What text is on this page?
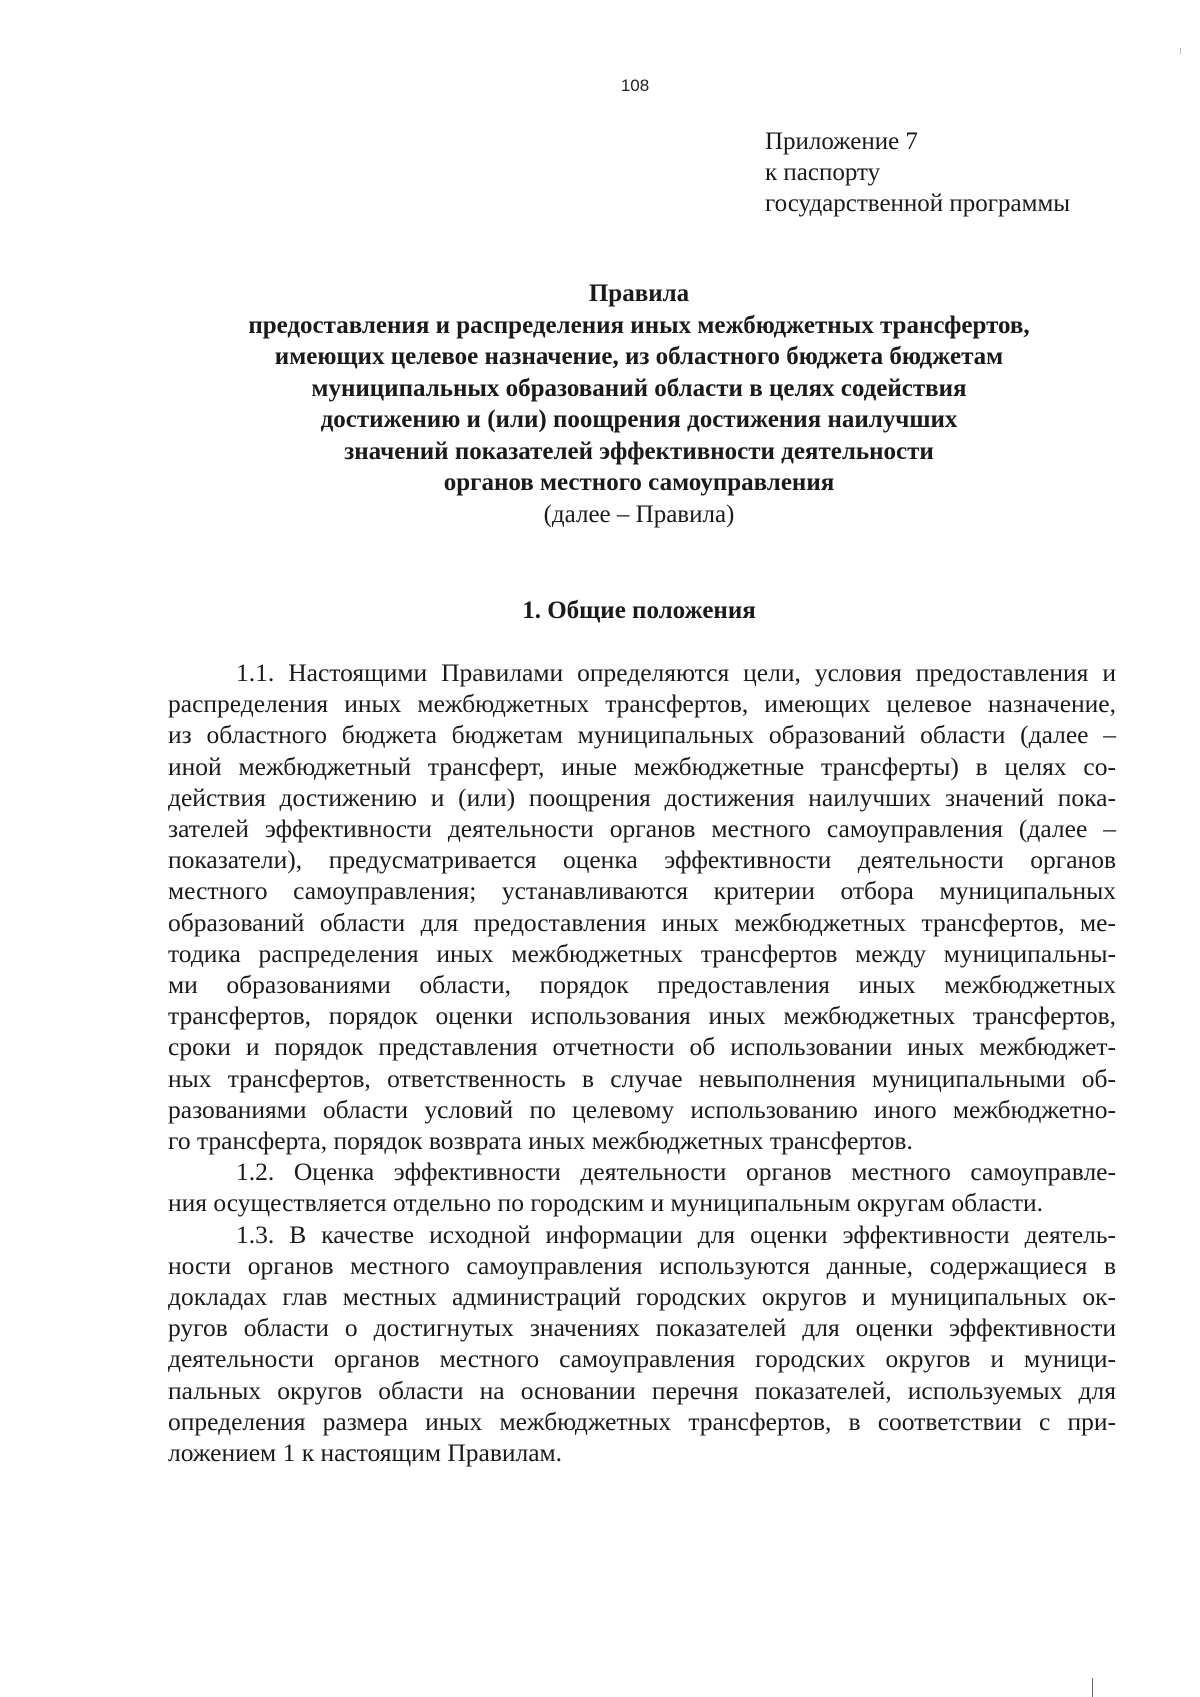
108
Приложение 7
к паспорту
государственной программы
Правила
предоставления и распределения иных межбюджетных трансфертов,
имеющих целевое назначение, из областного бюджета бюджетам
муниципальных образований области в целях содействия
достижению и (или) поощрения достижения наилучших
значений показателей эффективности деятельности
органов местного самоуправления
(далее – Правила)
1. Общие положения
1.1. Настоящими Правилами определяются цели, условия предоставления и
распределения иных межбюджетных трансфертов, имеющих целевое назначение,
из областного бюджета бюджетам муниципальных образований области (далее –
иной межбюджетный трансферт, иные межбюджетные трансферты) в целях со-
действия достижению и (или) поощрения достижения наилучших значений пока-
зателей эффективности деятельности органов местного самоуправления (далее –
показатели), предусматривается оценка эффективности деятельности органов
местного самоуправления; устанавливаются критерии отбора муниципальных
образований области для предоставления иных межбюджетных трансфертов, ме-
тодика распределения иных межбюджетных трансфертов между муниципальны-
ми образованиями области, порядок предоставления иных межбюджетных
трансфертов, порядок оценки использования иных межбюджетных трансфертов,
сроки и порядок представления отчетности об использовании иных межбюджет-
ных трансфертов, ответственность в случае невыполнения муниципальными об-
разованиями области условий по целевому использованию иного межбюджетно-
го трансферта, порядок возврата иных межбюджетных трансфертов.
1.2. Оценка эффективности деятельности органов местного самоуправле-
ния осуществляется отдельно по городским и муниципальным округам области.
1.3. В качестве исходной информации для оценки эффективности деятель-
ности органов местного самоуправления используются данные, содержащиеся в
докладах глав местных администраций городских округов и муниципальных ок-
ругов области о достигнутых значениях показателей для оценки эффективности
деятельности органов местного самоуправления городских округов и муници-
пальных округов области на основании перечня показателей, используемых для
определения размера иных межбюджетных трансфертов, в соответствии с при-
ложением 1 к настоящим Правилам.
